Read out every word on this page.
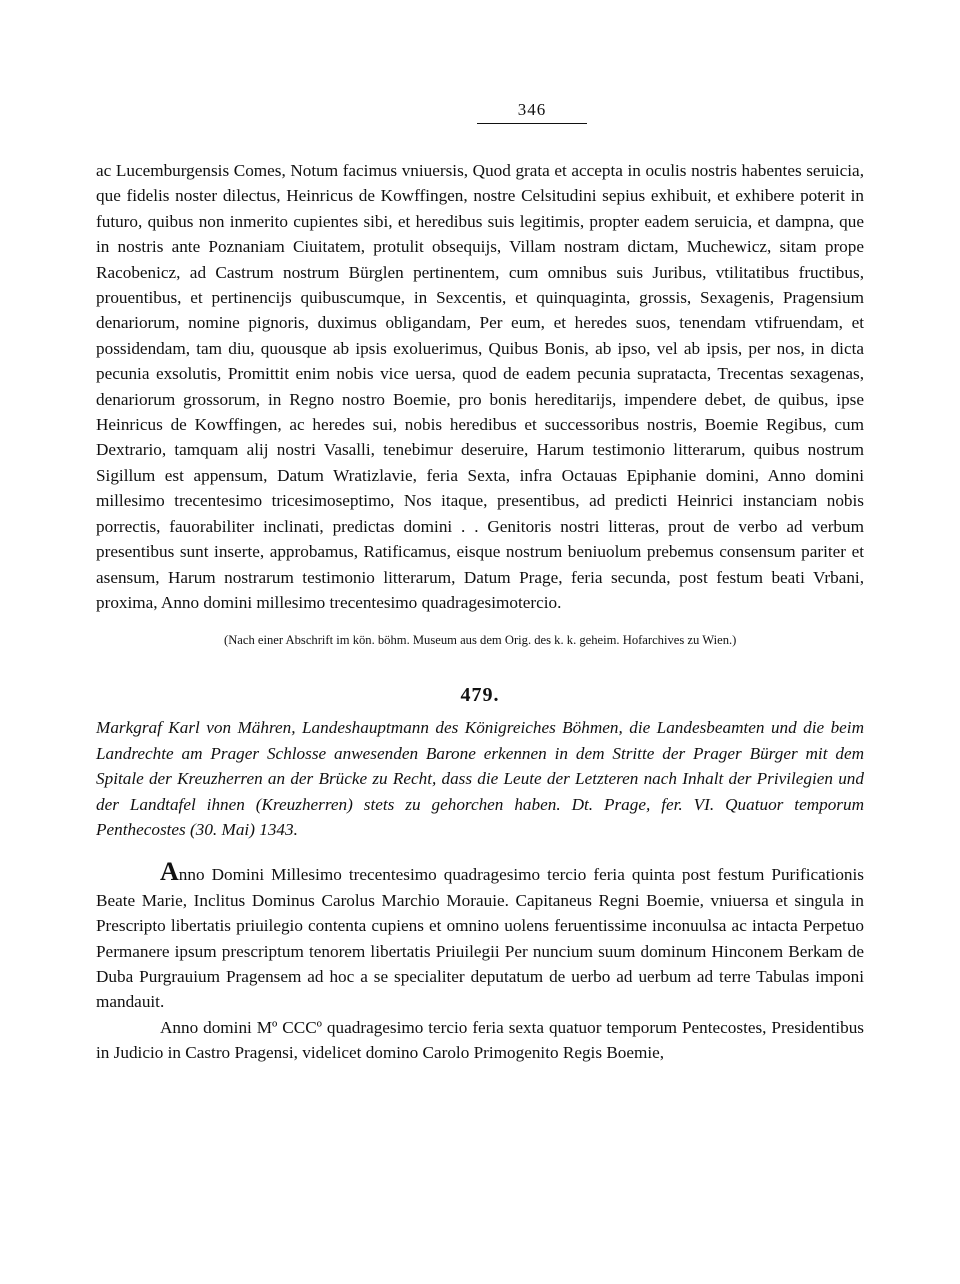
346

ac Lucemburgensis Comes, Notum facimus vniuersis, Quod grata et accepta in oculis nostris habentes seruicia, que fidelis noster dilectus, Heinricus de Kowffingen, nostre Celsitudini sepius exhibuit, et exhibere poterit in futuro, quibus non inmerito cupientes sibi, et heredibus suis legitimis, propter eadem seruicia, et dampna, que in nostris ante Poznaniam Ciuitatem, protulit obsequijs, Villam nostram dictam, Muchewicz, sitam prope Racobenicz, ad Castrum nostrum Bürglen pertinentem, cum omnibus suis Juribus, vtilitatibus fructibus, prouentibus, et pertinencijs quibuscumque, in Sexcentis, et quinquaginta, grossis, Sexagenis, Pragensium denariorum, nomine pignoris, duximus obligandam, Per eum, et heredes suos, tenendam vtifruendam, et possidendam, tam diu, quousque ab ipsis exoluerimus, Quibus Bonis, ab ipso, vel ab ipsis, per nos, in dicta pecunia exsolutis, Promittit enim nobis vice uersa, quod de eadem pecunia supratacta, Trecentas sexagenas, denariorum grossorum, in Regno nostro Boemie, pro bonis hereditarijs, impendere debet, de quibus, ipse Heinricus de Kowffingen, ac heredes sui, nobis heredibus et successoribus nostris, Boemie Regibus, cum Dextrario, tamquam alij nostri Vasalli, tenebimur deseruire, Harum testimonio litterarum, quibus nostrum Sigillum est appensum, Datum Wratizlavie, feria Sexta, infra Octauas Epiphanie domini, Anno domini millesimo trecentesimo tricesimoseptimo, Nos itaque, presentibus, ad predicti Heinrici instanciam nobis porrectis, fauorabiliter inclinati, predictas domini . . Genitoris nostri litteras, prout de verbo ad verbum presentibus sunt inserte, approbamus, Ratificamus, eisque nostrum beniuolum prebemus consensum pariter et asensum, Harum nostrarum testimonio litterarum, Datum Prage, feria secunda, post festum beati Vrbani, proxima, Anno domini millesimo trecentesimo quadragesimotercio.

(Nach einer Abschrift im kön. böhm. Museum aus dem Orig. des k. k. geheim. Hofarchives zu Wien.)

479.

Markgraf Karl von Mähren, Landeshauptmann des Königreiches Böhmen, die Landesbeamten und die beim Landrechte am Prager Schlosse anwesenden Barone erkennen in dem Stritte der Prager Bürger mit dem Spitale der Kreuzherren an der Brücke zu Recht, dass die Leute der Letzteren nach Inhalt der Privilegien und der Landtafel ihnen (Kreuzherren) stets zu gehorchen haben. Dt. Prage, fer. VI. Quatuor temporum Penthecostes (30. Mai) 1343.

Anno Domini Millesimo trecentesimo quadragesimo tercio feria quinta post festum Purificationis Beate Marie, Inclitus Dominus Carolus Marchio Morauie. Capitaneus Regni Boemie, vniuersa et singula in Prescripto libertatis priuilegio contenta cupiens et omnino uolens feruentissime inconuulsa ac intacta Perpetuo Permanere ipsum prescriptum tenorem libertatis Priuilegii Per nuncium suum dominum Hinconem Berkam de Duba Purgrauium Pragensem ad hoc a se specialiter deputatum de uerbo ad uerbum ad terre Tabulas imponi mandauit.

Anno domini Mº CCCº quadragesimo tercio feria sexta quatuor temporum Pentecostes, Presidentibus in Judicio in Castro Pragensi, videlicet domino Carolo Primogenito Regis Boemie,
